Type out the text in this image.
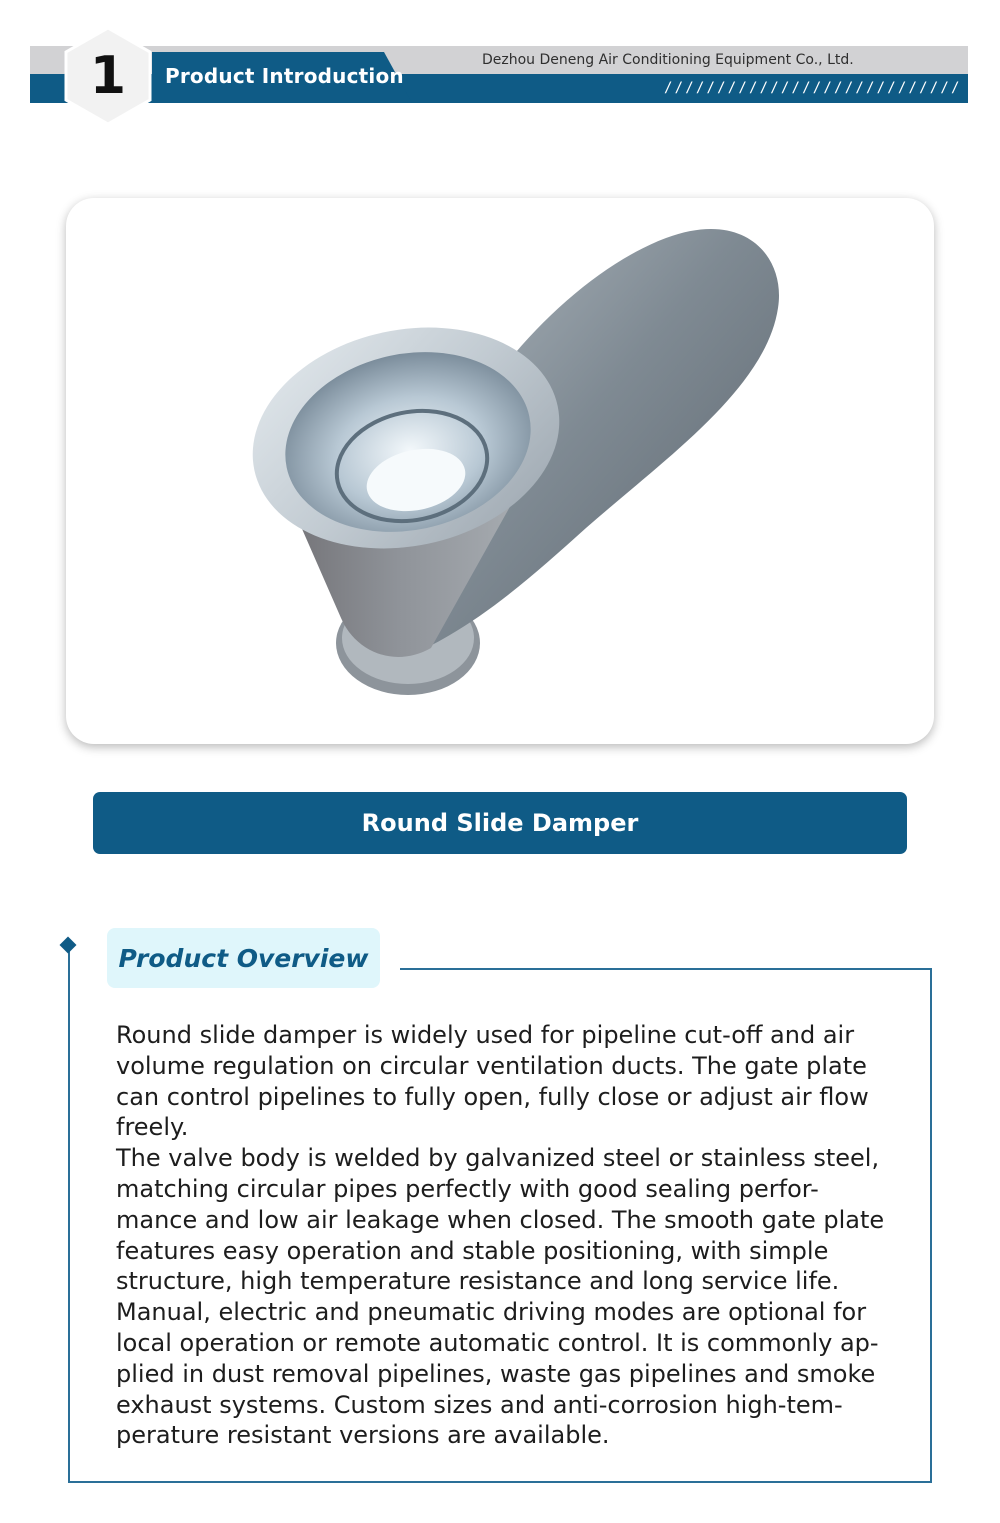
Product Introduction
Dezhou Deneng Air Conditioning Equipment Co., Ltd.
////////////////////////////
1
Round Slide Damper
Product Overview

Round slide damper is widely used for pipeline cut-off and air

volume regulation on circular ventilation ducts. The gate plate

can control pipelines to fully open, fully close or adjust air flow

freely.

The valve body is welded by galvanized steel or stainless steel,

matching circular pipes perfectly with good sealing perfor-

mance and low air leakage when closed. The smooth gate plate

features easy operation and stable positioning, with simple

structure, high temperature resistance and long service life.

Manual, electric and pneumatic driving modes are optional for

local operation or remote automatic control. It is commonly ap-

plied in dust removal pipelines, waste gas pipelines and smoke

exhaust systems. Custom sizes and anti-corrosion high-tem-

perature resistant versions are available.
